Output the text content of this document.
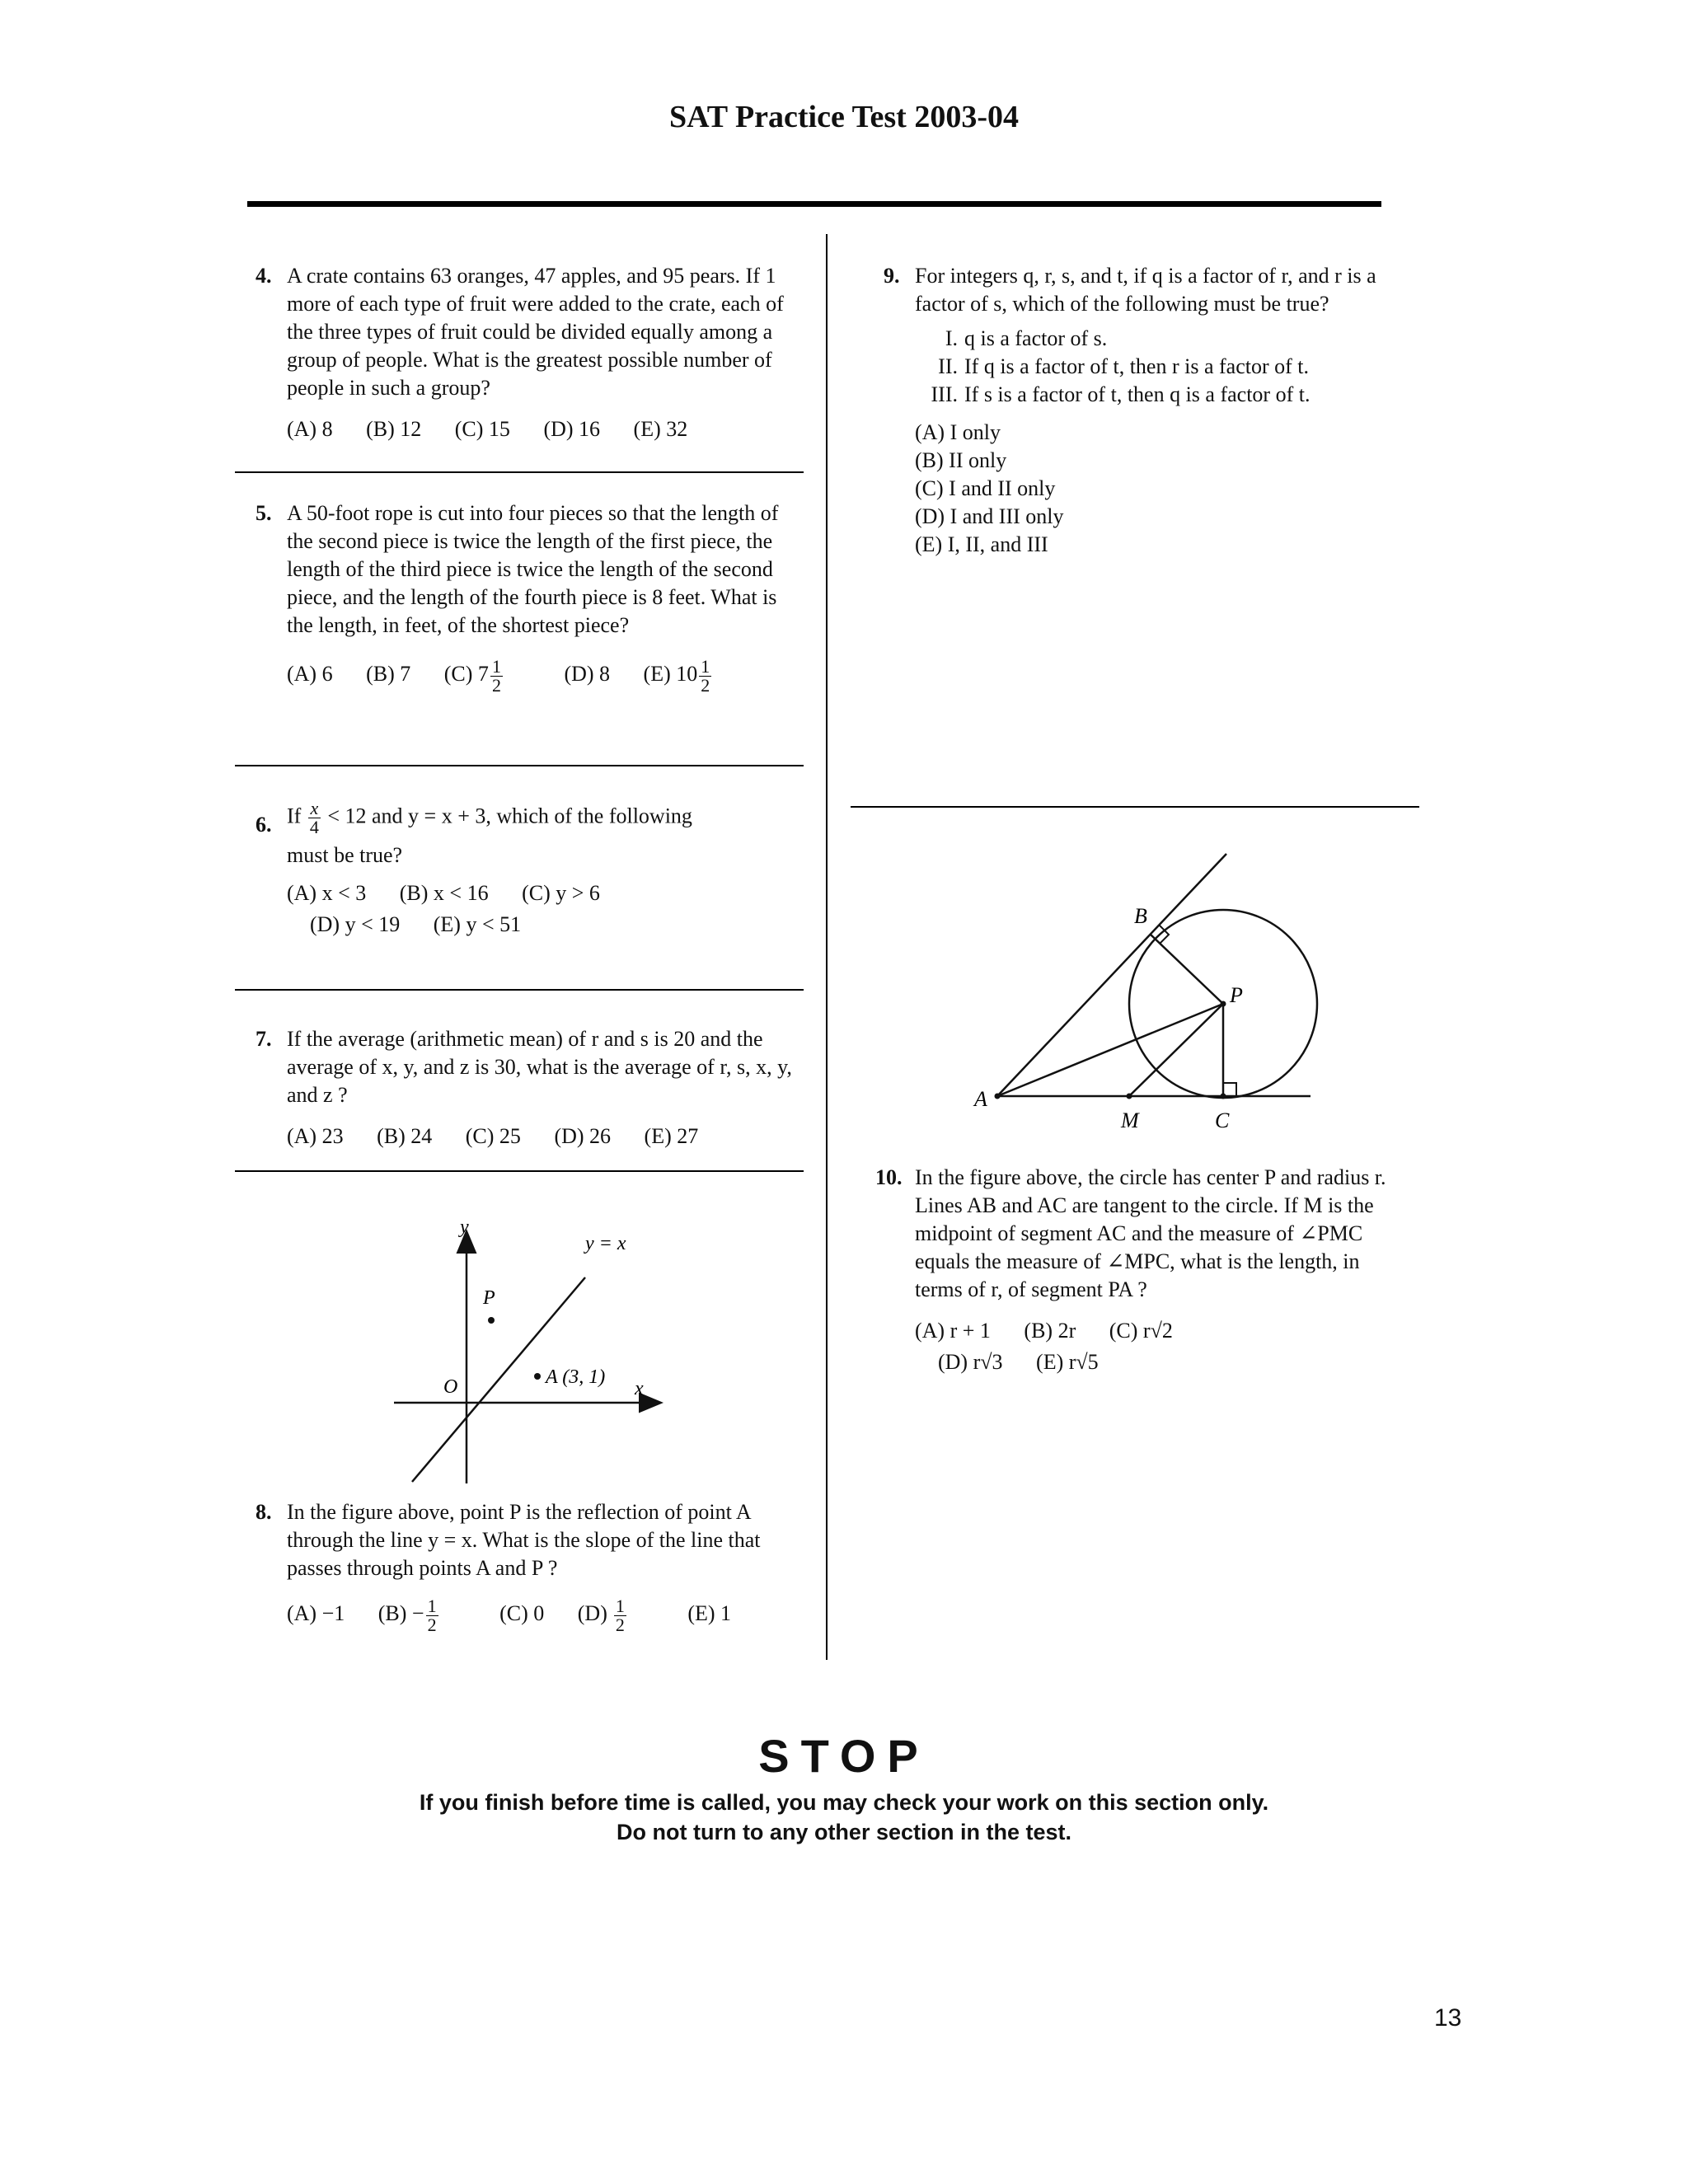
SAT Practice Test 2003-04
4. A crate contains 63 oranges, 47 apples, and 95 pears. If 1 more of each type of fruit were added to the crate, each of the three types of fruit could be divided equally among a group of people. What is the greatest possible number of people in such a group?

(A) 8 (B) 12 (C) 15 (D) 16 (E) 32
5. A 50-foot rope is cut into four pieces so that the length of the second piece is twice the length of the first piece, the length of the third piece is twice the length of the second piece, and the length of the fourth piece is 8 feet. What is the length, in feet, of the shortest piece?

(A) 6 (B) 7 (C) $7 \frac{1}{2} (D)$ 8 (E) $10 \frac{1}{2}$
6. If $\frac{x}{4} < 12$ and y = x + 3, which of the following

must be true?

(A) x < 3 (B) x < 16 (C) y > 6
(D) y < 19 (E) y < 51
7. If the average (arithmetic mean) of r and s is 20 and the average of x, y, and z is 30, what is the average of r, s, x, y, and z ?

(A) 23 (B) 24 (C) 25 (D) 26 (E) 27
y
x
y = x
O
P
A (3, 1)
8. In the figure above, point P is the reflection of point A through the line y = x. What is the slope of the line that passes through points A and P ?

(A) −1 $(B) - \frac{1}{2} (C)$ 0 $(D) \frac{1}{2} (E)$ 1
9. For integers q, r, s, and t, if q is a factor of r, and r is a factor of s, which of the following must be true?

I. q is a factor of s.
II. If q is a factor of t, then r is a factor of t.
III. If s is a factor of t, then q is a factor of t.
(A) I only
(B) II only
(C) I and II only
(D) I and III only
(E) I, II, and III
A
B
C
M
P
10. In the figure above, the circle has center P and radius r. Lines AB and AC are tangent to the circle. If M is the midpoint of segment AC and the measure of ∠PMC equals the measure of ∠MPC, what is the length, in terms of r, of segment PA ?

(A) r + 1 (B) 2r (C) r√2
(D) r√3 (E) r√5
STOP
If you finish before time is called, you may check your work on this section only.
Do not turn to any other section in the test.
13
